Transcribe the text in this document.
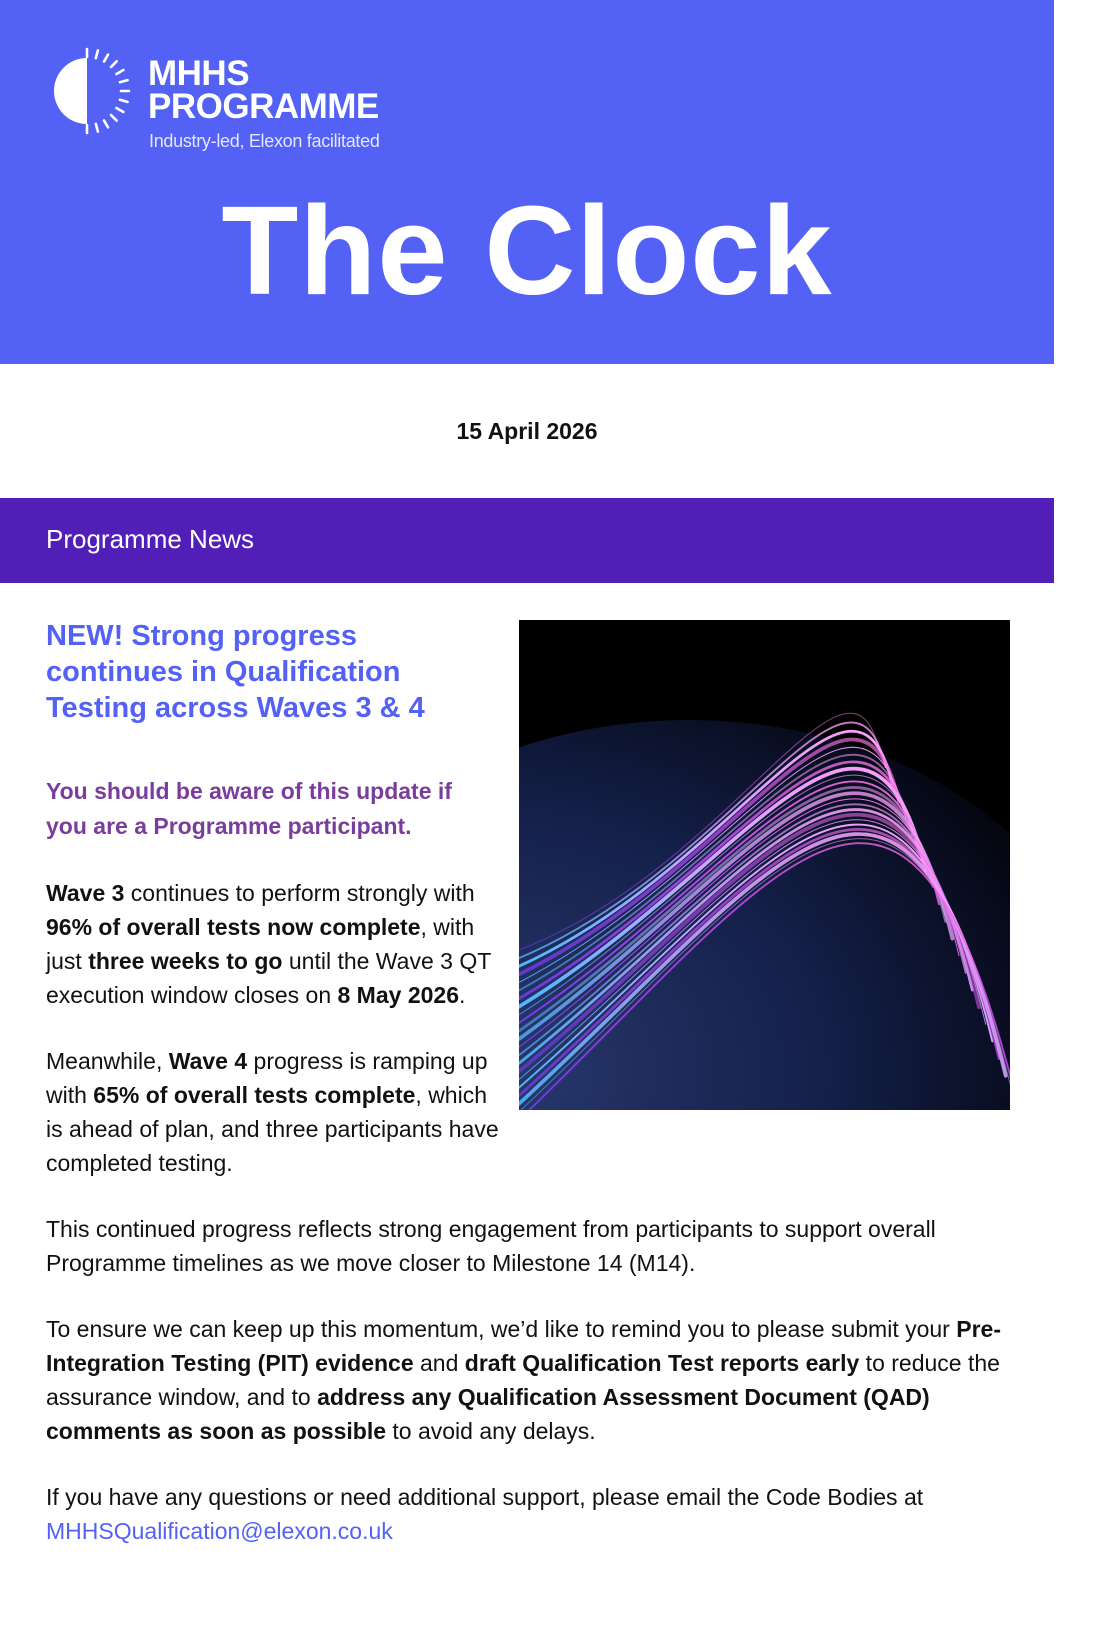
MHHS
PROGRAMME
Industry-led, Elexon facilitated
The Clock
15 April 2026
Programme News
NEW! Strong progress continues in Qualification Testing across Waves 3 & 4

You should be aware of this update if you are a Programme participant.

Wave 3 continues to perform strongly with 96% of overall tests now complete, with just three weeks to go until the Wave 3 QT execution window closes on 8 May 2026.

Meanwhile, Wave 4 progress is ramping up with 65% of overall tests complete, which is ahead of plan, and three participants have completed testing.

This continued progress reflects strong engagement from participants to support overall Programme timelines as we move closer to Milestone 14 (M14).

To ensure we can keep up this momentum, we’d like to remind you to please submit your Pre-Integration Testing (PIT) evidence and draft Qualification Test reports early to reduce the assurance window, and to address any Qualification Assessment Document (QAD) comments as soon as possible to avoid any delays.

If you have any questions or need additional support, please email the Code Bodies at MHHSQualification@elexon.co.uk
